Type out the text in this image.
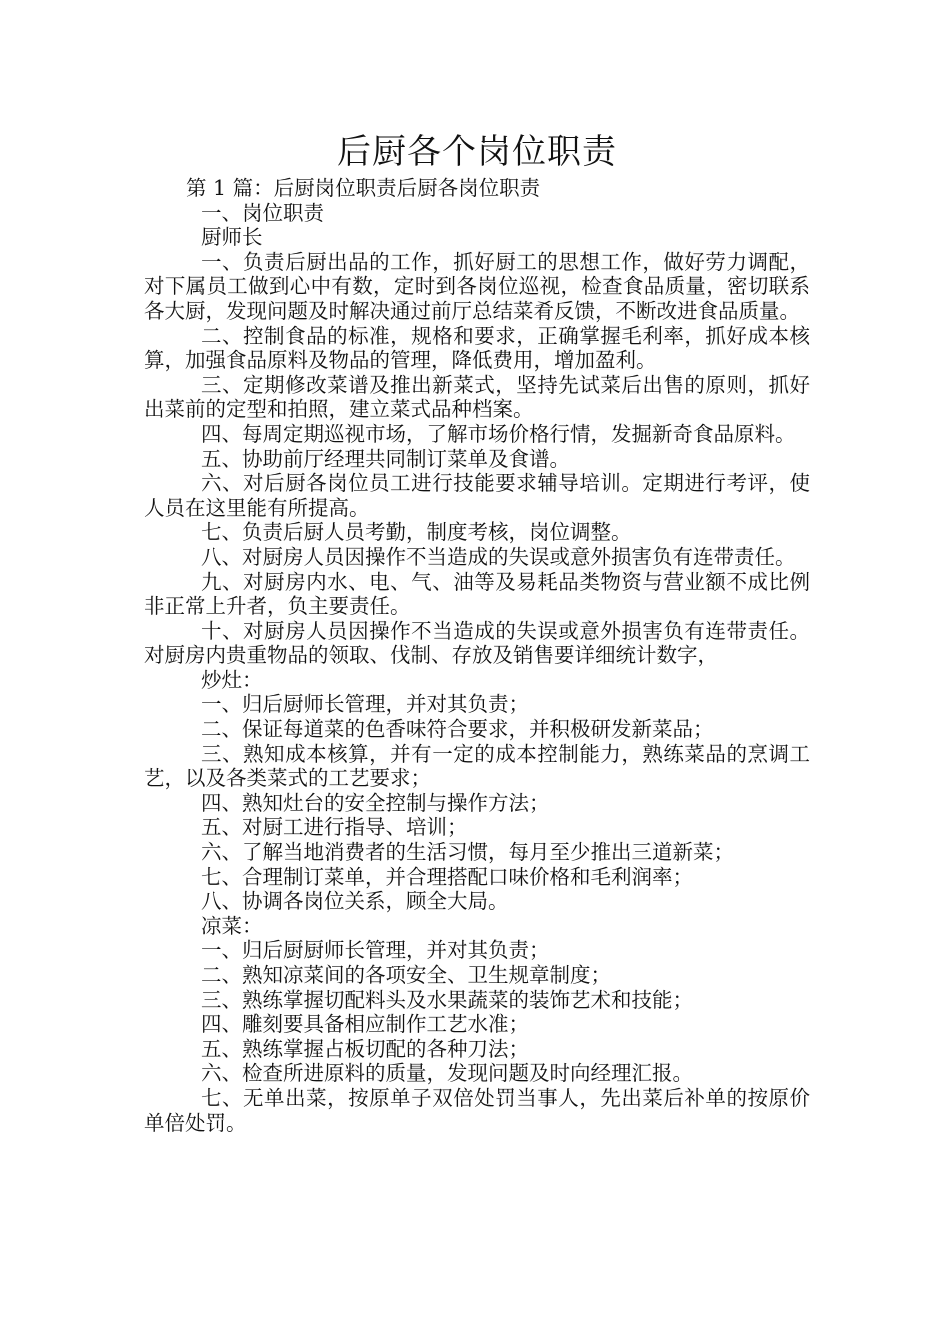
后厨各个岗位职责

第 1 篇：后厨岗位职责后厨各岗位职责

一、岗位职责

厨师长

一、负责后厨出品的工作，抓好厨工的思想工作，做好劳力调配，对下属员工做到心中有数，定时到各岗位巡视，检查食品质量，密切联系各大厨，发现问题及时解决通过前厅总结菜肴反馈，不断改进食品质量。

二、控制食品的标准，规格和要求，正确掌握毛利率，抓好成本核算，加强食品原料及物品的管理，降低费用，增加盈利。

三、定期修改菜谱及推出新菜式，坚持先试菜后出售的原则，抓好出菜前的定型和拍照，建立菜式品种档案。

四、每周定期巡视市场，了解市场价格行情，发掘新奇食品原料。

五、协助前厅经理共同制订菜单及食谱。

六、对后厨各岗位员工进行技能要求辅导培训。定期进行考评，使人员在这里能有所提高。

七、负责后厨人员考勤，制度考核，岗位调整。

八、对厨房人员因操作不当造成的失误或意外损害负有连带责任。

九、对厨房内水、电、气、油等及易耗品类物资与营业额不成比例非正常上升者，负主要责任。

十、对厨房人员因操作不当造成的失误或意外损害负有连带责任。对厨房内贵重物品的领取、伐制、存放及销售要详细统计数字，

炒灶：

一、归后厨师长管理，并对其负责；

二、保证每道菜的色香味符合要求，并积极研发新菜品；

三、熟知成本核算，并有一定的成本控制能力，熟练菜品的烹调工艺，以及各类菜式的工艺要求；

四、熟知灶台的安全控制与操作方法；

五、对厨工进行指导、培训；

六、了解当地消费者的生活习惯，每月至少推出三道新菜；

七、合理制订菜单，并合理搭配口味价格和毛利润率；

八、协调各岗位关系，顾全大局。

凉菜：

一、归后厨厨师长管理，并对其负责；

二、熟知凉菜间的各项安全、卫生规章制度；

三、熟练掌握切配料头及水果蔬菜的装饰艺术和技能；

四、雕刻要具备相应制作工艺水准；

五、熟练掌握占板切配的各种刀法；

六、检查所进原料的质量，发现问题及时向经理汇报。

七、无单出菜，按原单子双倍处罚当事人，先出菜后补单的按原价单倍处罚。
